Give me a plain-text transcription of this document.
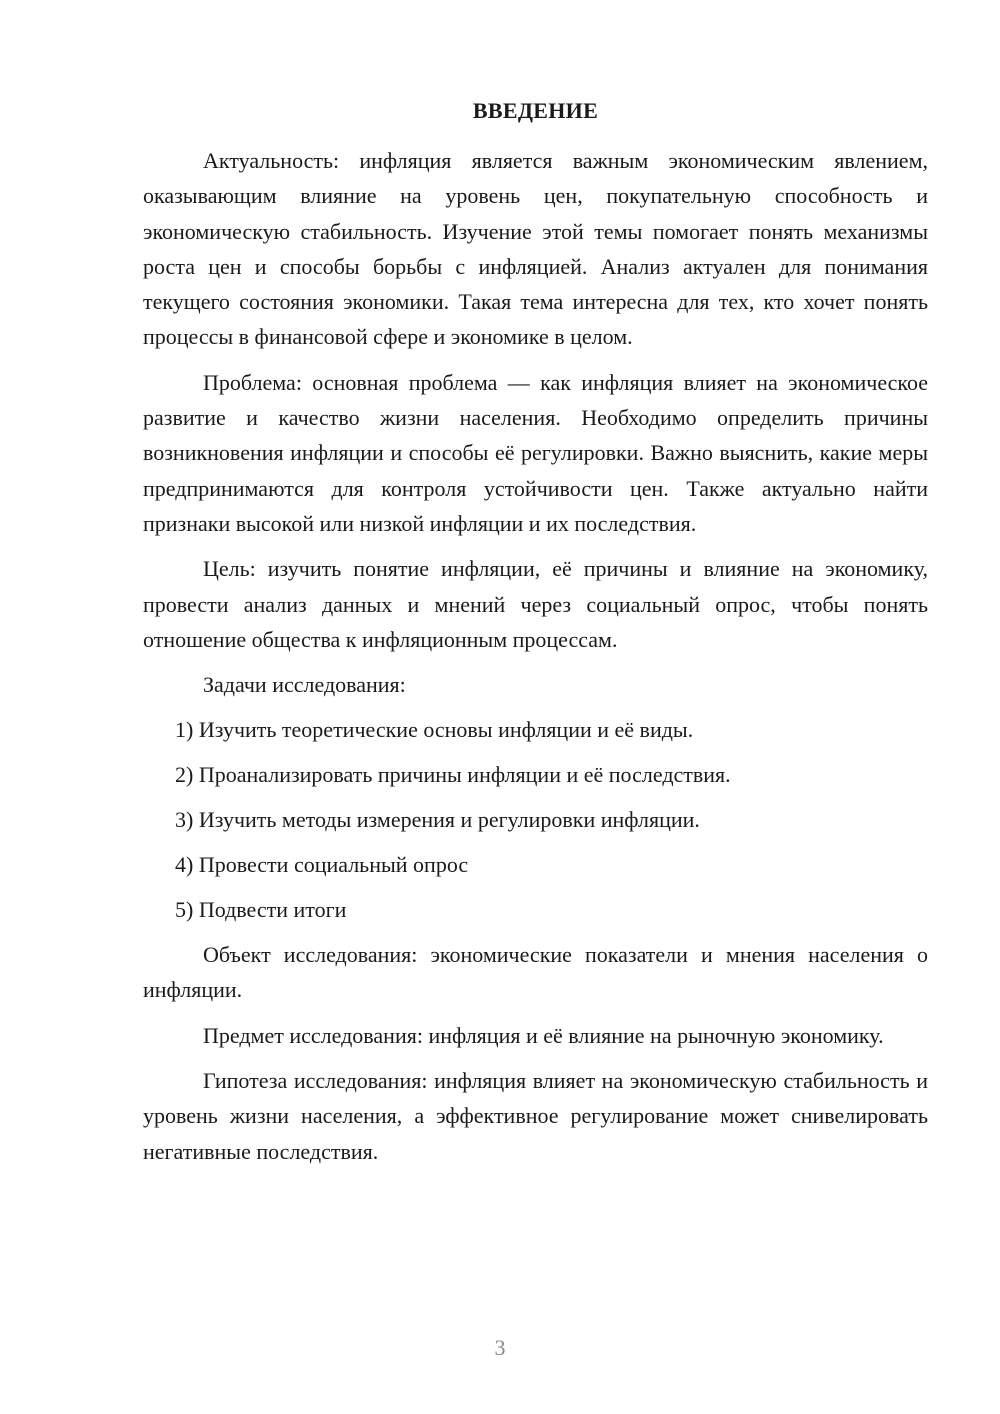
ВВЕДЕНИЕ

Актуальность: инфляция является важным экономическим явлением, оказывающим влияние на уровень цен, покупательную способность и экономическую стабильность. Изучение этой темы помогает понять механизмы роста цен и способы борьбы с инфляцией. Анализ актуален для понимания текущего состояния экономики. Такая тема интересна для тех, кто хочет понять процессы в финансовой сфере и экономике в целом.

Проблема: основная проблема — как инфляция влияет на экономическое развитие и качество жизни населения. Необходимо определить причины возникновения инфляции и способы её регулировки. Важно выяснить, какие меры предпринимаются для контроля устойчивости цен. Также актуально найти признаки высокой или низкой инфляции и их последствия.

Цель: изучить понятие инфляции, её причины и влияние на экономику, провести анализ данных и мнений через социальный опрос, чтобы понять отношение общества к инфляционным процессам.

Задачи исследования:

1) Изучить теоретические основы инфляции и её виды.
2) Проанализировать причины инфляции и её последствия.
3) Изучить методы измерения и регулировки инфляции.
4) Провести социальный опрос
5) Подвести итоги

Объект исследования: экономические показатели и мнения населения о инфляции.

Предмет исследования: инфляция и её влияние на рыночную экономику.

Гипотеза исследования: инфляция влияет на экономическую стабильность и уровень жизни населения, а эффективное регулирование может снивелировать негативные последствия.

3
